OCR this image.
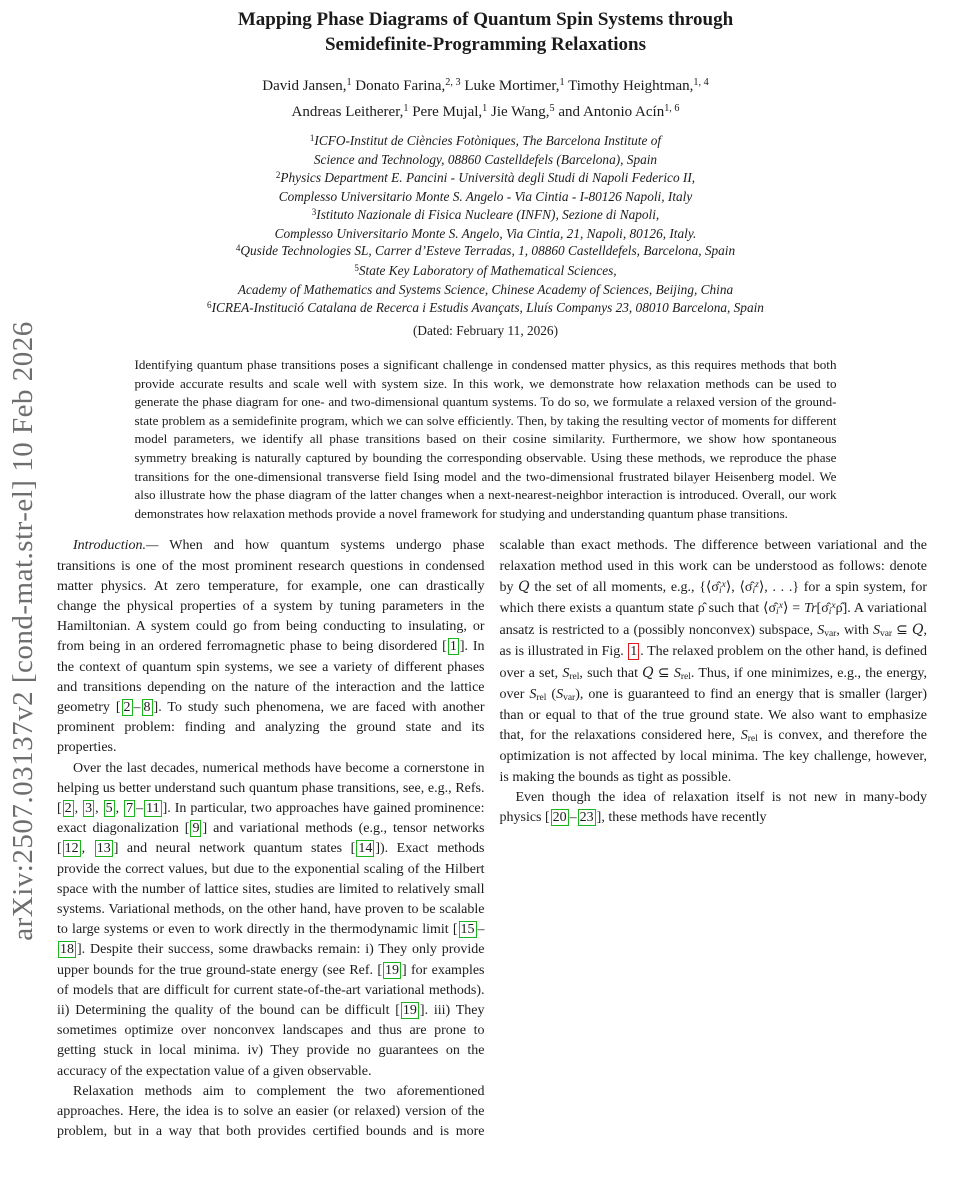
arXiv:2507.03137v2 [cond-mat.str-el] 10 Feb 2026
Mapping Phase Diagrams of Quantum Spin Systems through
Semidefinite-Programming Relaxations
David Jansen,$^1$ Donato Farina,$^{2, 3}$ Luke Mortimer,$^1$ Timothy Heightman,$^{1, 4}$
Andreas Leitherer,$^1$ Pere Mujal,$^1$ Jie Wang,$^5$ and Antonio Acín$^{1, 6}$
$^1$ICFO-Institut de Ciències Fotòniques, The Barcelona Institute of
Science and Technology, 08860 Castelldefels (Barcelona), Spain
$^2$Physics Department E. Pancini - Università degli Studi di Napoli Federico II,
Complesso Universitario Monte S. Angelo - Via Cintia - I-80126 Napoli, Italy
$^3$Istituto Nazionale di Fisica Nucleare (INFN), Sezione di Napoli,
Complesso Universitario Monte S. Angelo, Via Cintia, 21, Napoli, 80126, Italy.
$^4$Quside Technologies SL, Carrer d’Esteve Terradas, 1, 08860 Castelldefels, Barcelona, Spain
$^5$State Key Laboratory of Mathematical Sciences,
Academy of Mathematics and Systems Science, Chinese Academy of Sciences, Beijing, China
$^6$ICREA-Institució Catalana de Recerca i Estudis Avançats, Lluís Companys 23, 08010 Barcelona, Spain
(Dated: February 11, 2026)
Identifying quantum phase transitions poses a significant challenge in condensed matter physics, as this requires methods that both provide accurate results and scale well with system size. In this work, we demonstrate how relaxation methods can be used to generate the phase diagram for one- and two-dimensional quantum systems. To do so, we formulate a relaxed version of the ground-state problem as a semidefinite program, which we can solve efficiently. Then, by taking the resulting vector of moments for different model parameters, we identify all phase transitions based on their cosine similarity. Furthermore, we show how spontaneous symmetry breaking is naturally captured by bounding the corresponding observable. Using these methods, we reproduce the phase transitions for the one-dimensional transverse field Ising model and the two-dimensional frustrated bilayer Heisenberg model. We also illustrate how the phase diagram of the latter changes when a next-nearest-neighbor interaction is introduced. Overall, our work demonstrates how relaxation methods provide a novel framework for studying and understanding quantum phase transitions.

Introduction.— When and how quantum systems undergo phase transitions is one of the most prominent research questions in condensed matter physics. At zero temperature, for example, one can drastically change the physical properties of a system by tuning parameters in the Hamiltonian. A system could go from being conducting to insulating, or from being in an ordered ferromagnetic phase to being disordered [ 1 ]. In the context of quantum spin systems, we see a variety of different phases and transitions depending on the nature of the interaction and the lattice geometry [ 2 – 8 ]. To study such phenomena, we are faced with another prominent problem: finding and analyzing the ground state and its properties.

Over the last decades, numerical methods have become a cornerstone in helping us better understand such quantum phase transitions, see, e.g., Refs. [ 2 , 3 , 5 , 7 – 11 ]. In particular, two approaches have gained prominence: exact diagonalization [ 9 ] and variational methods (e.g., tensor networks [ 12 , 13 ] and neural network quantum states [ 14 ]). Exact methods provide the correct values, but due to the exponential scaling of the Hilbert space with the number of lattice sites, studies are limited to relatively small systems. Variational methods, on the other hand, have proven to be scalable to large systems or even to work directly in the thermodynamic limit [ 15 –18 ]. Despite their success, some drawbacks remain: i) They only provide upper bounds for the true ground-state energy (see Ref. [ 19 ] for examples of models that are difficult for current state-of-the-art variational methods). ii) Determining the quality of the bound can be difficult [ 19 ]. iii) They sometimes optimize over nonconvex landscapes and thus are prone to getting stuck in local minima. iv) They provide no guarantees on the accuracy of the expectation value of a given observable.

Relaxation methods aim to complement the two aforementioned approaches. Here, the idea is to solve an easier (or relaxed) version of the problem, but in a way that both provides certified bounds and is more scalable than exact methods. The difference between variational and the relaxation method used in this work can be understood as follows: denote by Q the set of all moments, e.g., {$⟨\sigmâi^x⟩$, $⟨\sigmâi^z⟩$, . . .} for a spin system, for which there exists a quantum state ρ̂ such that $⟨\sigmâi^x⟩$ = $Tr[\sigmâi^x\rhô]$. A variational ansatz is restricted to a (possibly nonconvex) subspace, Svar, with Svar ⊆ Q, as is illustrated in Fig. 1 . The relaxed problem on the other hand, is defined over a set, Srel, such that Q ⊆ Srel. Thus, if one minimizes, e.g., the energy, over Srel (Svar), one is guaranteed to find an energy that is smaller (larger) than or equal to that of the true ground state. We also want to emphasize that, for the relaxations considered here, Srel is convex, and therefore the optimization is not affected by local minima. The key challenge, however, is making the bounds as tight as possible.

Even though the idea of relaxation itself is not new in many-body physics [ 20 – 23 ], these methods have recently
